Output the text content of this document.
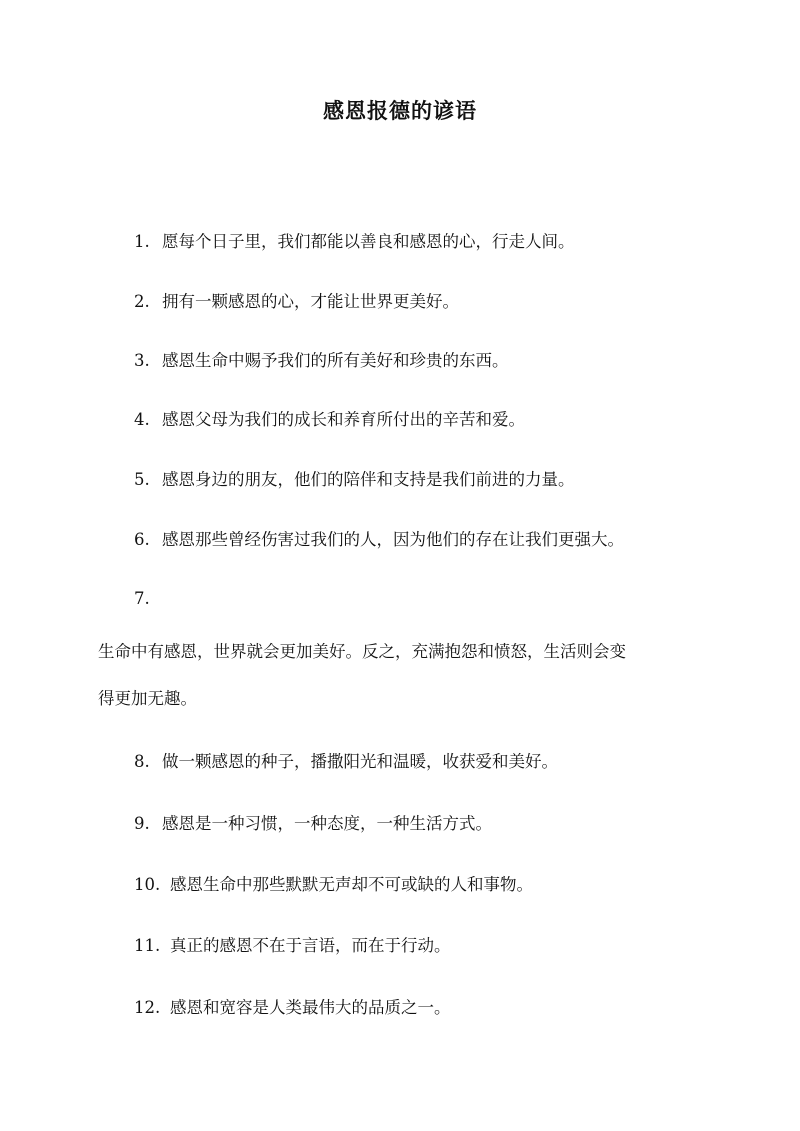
感恩报德的谚语
1. 愿每个日子里，我们都能以善良和感恩的心，行走人间。
2. 拥有一颗感恩的心，才能让世界更美好。
3. 感恩生命中赐予我们的所有美好和珍贵的东西。
4. 感恩父母为我们的成长和养育所付出的辛苦和爱。
5. 感恩身边的朋友，他们的陪伴和支持是我们前进的力量。
6. 感恩那些曾经伤害过我们的人，因为他们的存在让我们更强大。
7.
生命中有感恩，世界就会更加美好。反之，充满抱怨和愤怒，生活则会变
得更加无趣。
8. 做一颗感恩的种子，播撒阳光和温暖，收获爱和美好。
9. 感恩是一种习惯，一种态度，一种生活方式。
10. 感恩生命中那些默默无声却不可或缺的人和事物。
11. 真正的感恩不在于言语，而在于行动。
12. 感恩和宽容是人类最伟大的品质之一。
